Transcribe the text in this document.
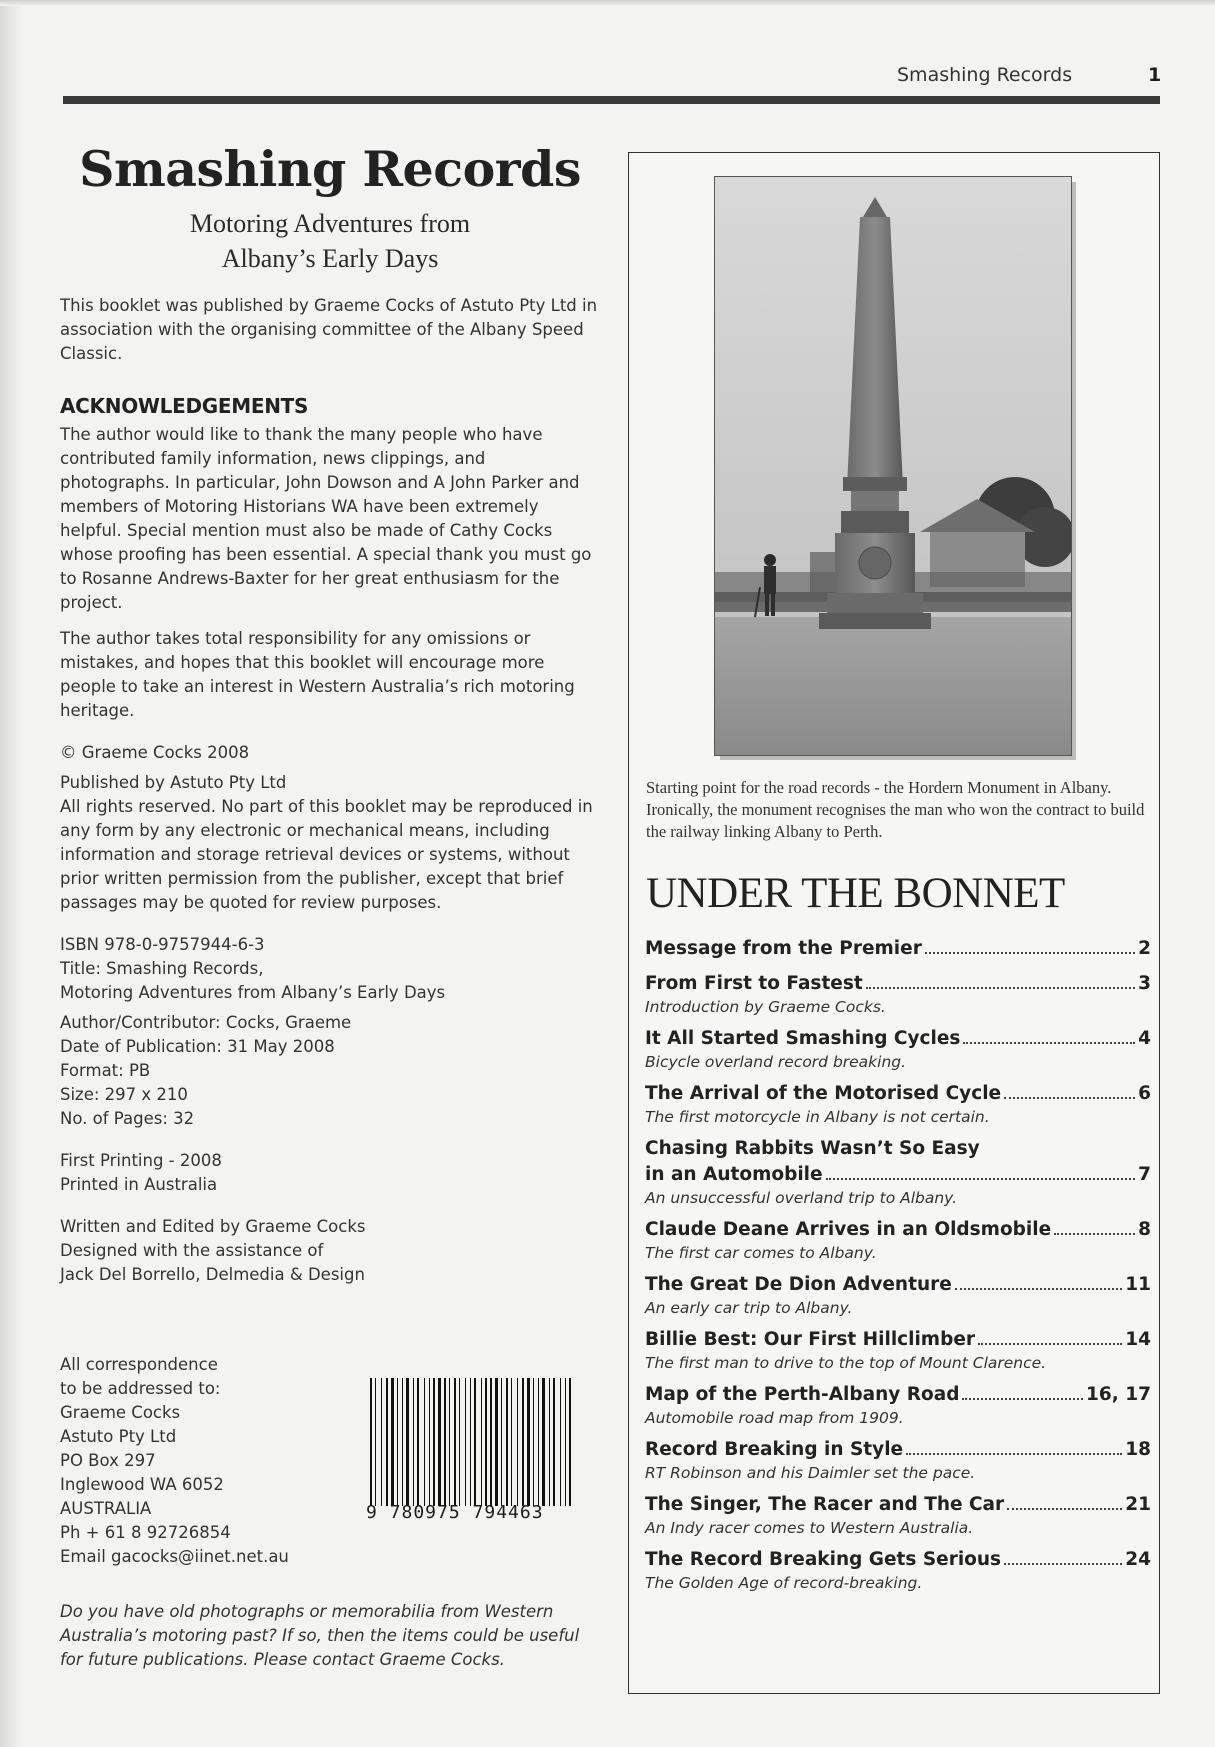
Smashing Records	1
Smashing Records
Motoring Adventures from
Albany’s Early Days

This booklet was published by Graeme Cocks of Astuto Pty Ltd in association with the organising committee of the Albany Speed Classic.

ACKNOWLEDGEMENTS

The author would like to thank the many people who have contributed family information, news clippings, and photographs. In particular, John Dowson and A John Parker and members of Motoring Historians WA have been extremely helpful. Special mention must also be made of Cathy Cocks whose proofing has been essential. A special thank you must go to Rosanne Andrews-Baxter for her great enthusiasm for the project.

The author takes total responsibility for any omissions or mistakes, and hopes that this booklet will encourage more people to take an interest in Western Australia’s rich motoring heritage.

© Graeme Cocks 2008

Published by Astuto Pty Ltd

All rights reserved. No part of this booklet may be reproduced in any form by any electronic or mechanical means, including information and storage retrieval devices or systems, without prior written permission from the publisher, except that brief passages may be quoted for review purposes.

ISBN 978-0-9757944-6-3

Title: Smashing Records,

Motoring Adventures from Albany’s Early Days

Author/Contributor: Cocks, Graeme

Date of Publication: 31 May 2008

Format: PB

Size: 297 x 210

No. of Pages: 32

First Printing - 2008

Printed in Australia

Written and Edited by Graeme Cocks

Designed with the assistance of

Jack Del Borrello, Delmedia & Design

All correspondence

to be addressed to:

Graeme Cocks

Astuto Pty Ltd

PO Box 297

Inglewood WA 6052

AUSTRALIA

Ph + 61 8 92726854

Email gacocks@iinet.net.au

9 780975 794463
Do you have old photographs or memorabilia from Western Australia’s motoring past? If so, then the items could be useful for future publications. Please contact Graeme Cocks.
Starting point for the road records - the Hordern Monument in Albany. Ironically, the monument recognises the man who won the contract to build the railway linking Albany to Perth.
UNDER THE BONNET
Message from the Premier	2
From First to Fastest	3
Introduction by Graeme Cocks.
It All Started Smashing Cycles	4
Bicycle overland record breaking.
The Arrival of the Motorised Cycle	6
The first motorcycle in Albany is not certain.
Chasing Rabbits Wasn’t So Easy
in an Automobile	7
An unsuccessful overland trip to Albany.
Claude Deane Arrives in an Oldsmobile	8
The first car comes to Albany.
The Great De Dion Adventure	11
An early car trip to Albany.
Billie Best: Our First Hillclimber	14
The first man to drive to the top of Mount Clarence.
Map of the Perth-Albany Road	16, 17
Automobile road map from 1909.
Record Breaking in Style	18
RT Robinson and his Daimler set the pace.
The Singer, The Racer and The Car	21
An Indy racer comes to Western Australia.
The Record Breaking Gets Serious	24
The Golden Age of record-breaking.
